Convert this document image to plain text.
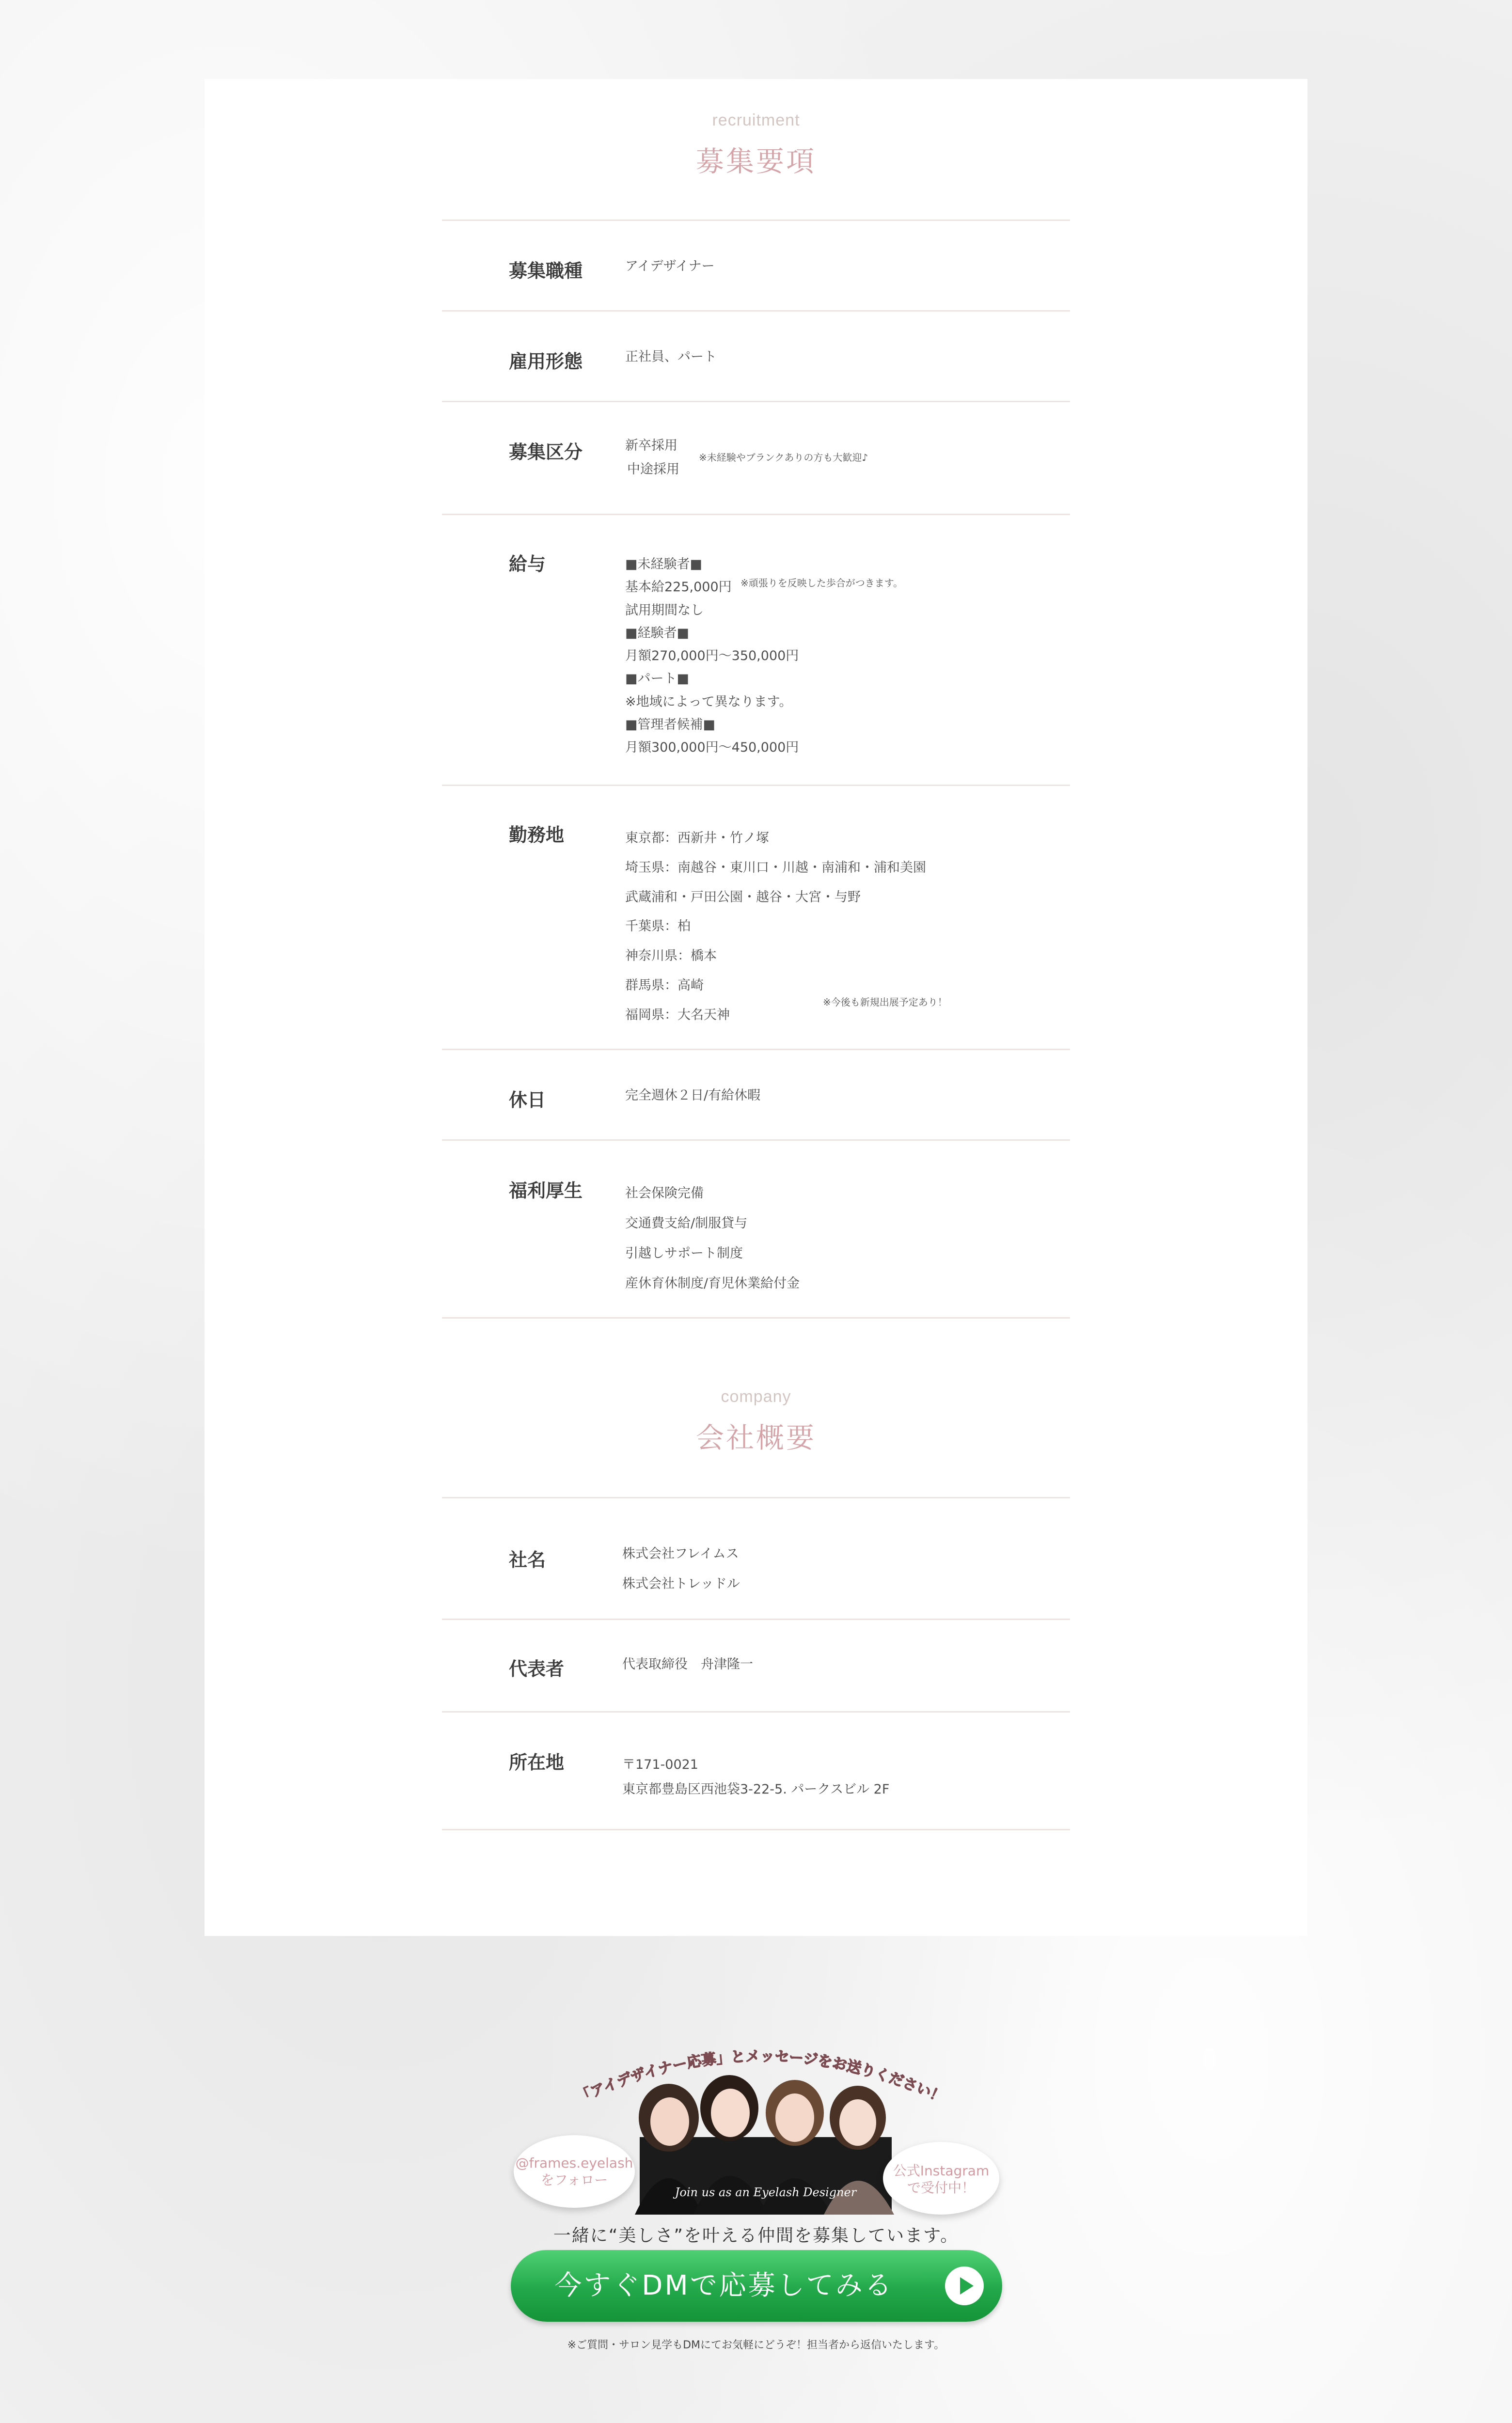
recruitment
募集要項
募集職種	アイデザイナー
雇用形態	正社員、パート
募集区分	新卒採用
中途採用
※未経験やブランクありの方も大歓迎♪
給与	■未経験者■
基本給225,000円
試用期間なし
■経験者■
月額270,000円〜350,000円
■パート■
※地域によって異なります。
■管理者候補■
月額300,000円〜450,000円
※頑張りを反映した歩合がつきます。
勤務地	東京都：西新井・竹ノ塚
埼玉県：南越谷・東川口・川越・南浦和・浦和美園
武蔵浦和・戸田公園・越谷・大宮・与野
千葉県：柏
神奈川県：橋本
群馬県：高崎
福岡県：大名天神
※今後も新規出展予定あり！
休日	完全週休２日/有給休暇
福利厚生	社会保険完備
交通費支給/制服貸与
引越しサポート制度
産休育休制度/育児休業給付金
company
会社概要
社名	株式会社フレイムス
株式会社トレッドル
代表者	代表取締役　舟津隆一
所在地	〒171-0021
東京都豊島区西池袋3-22-5. パークスビル 2F
「アイデザイナー応募」とメッセージをお送りください！
Join us as an Eyelash Designer
@frames.eyelash
をフォロー
公式Instagram
で受付中！
一緒に“美しさ”を叶える仲間を募集しています。
今すぐDMで応募してみる
※ご質問・サロン見学もDMにてお気軽にどうぞ！担当者から返信いたします。
